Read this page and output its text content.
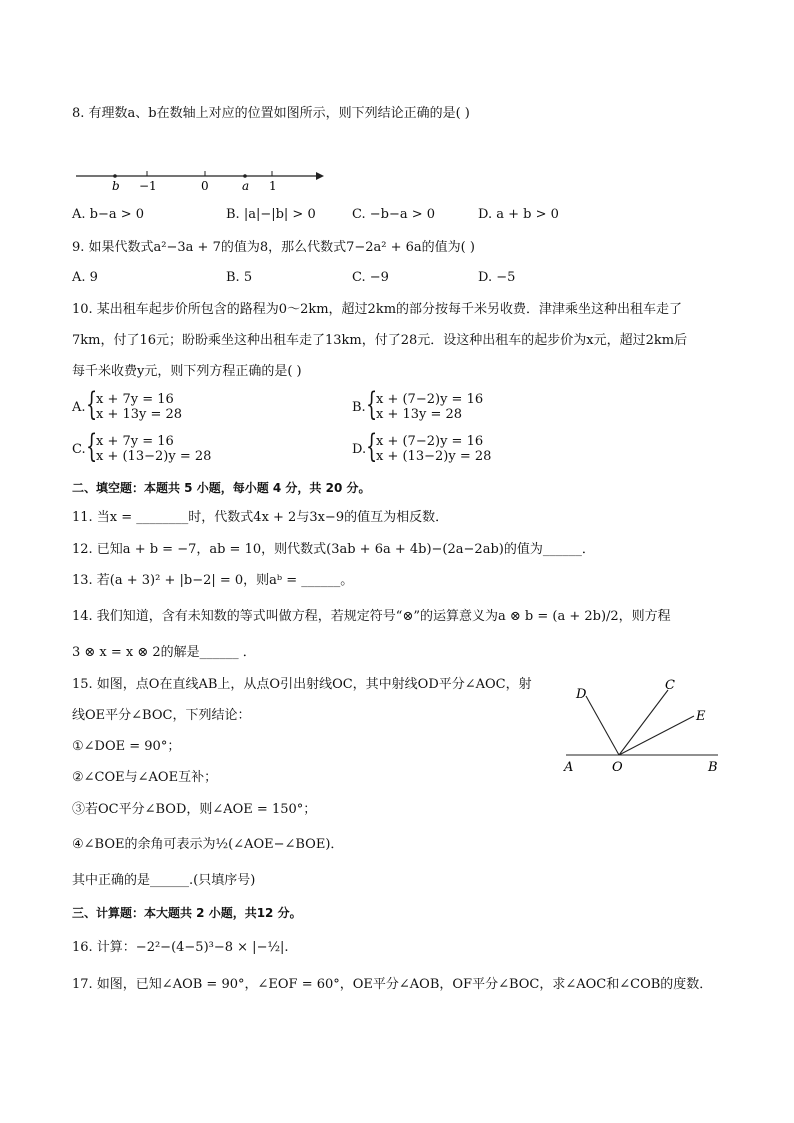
8. 有理数a、b在数轴上对应的位置如图所示，则下列结论正确的是( )
b −1	0	a 1
A. b−a > 0	B. |a|−|b| > 0	C. −b−a > 0	D. a + b > 0
9. 如果代数式a²−3a + 7的值为8，那么代数式7−2a² + 6a的值为( )
A. 9	B. 5	C. −9	D. −5
10. 某出租车起步价所包含的路程为0～2km，超过2km的部分按每千米另收费．津津乘坐这种出租车走了
7km，付了16元；盼盼乘坐这种出租车走了13km，付了28元．设这种出租车的起步价为x元，超过2km后
每千米收费y元，则下列方程正确的是( )
A. {
x + 7y = 16
x + 13y = 28	B. {
x + (7−2)y = 16
x + 13y = 28
C. {
x + 7y = 16
x + (13−2)y = 28	D. {
x + (7−2)y = 16
x + (13−2)y = 28
二、填空题：本题共 5 小题，每小题 4 分，共 20 分。
11. 当x = ________时，代数式4x + 2与3x−9的值互为相反数．
12. 已知a + b = −7，ab = 10，则代数式(3ab + 6a + 4b)−(2a−2ab)的值为______．
13. 若(a + 3)² + |b−2| = 0，则aᵇ = ______。
14. 我们知道，含有未知数的等式叫做方程，若规定符号“⊗”的运算意义为a ⊗ b = (a + 2b)/2，则方程
3 ⊗ x = x ⊗ 2的解是______ ．
15. 如图，点O在直线AB上，从点O引出射线OC，其中射线OD平分∠AOC，射
线OE平分∠BOC，下列结论：
①∠DOE = 90°；
②∠COE与∠AOE互补；
③若OC平分∠BOD，则∠AOE = 150°；
④∠BOE的余角可表示为½(∠AOE−∠BOE)．
其中正确的是______.(只填序号)
D
C
E
A	O	B
三、计算题：本大题共 2 小题，共12 分。
16. 计算：−2²−(4−5)³−8 × |−½|.
17. 如图，已知∠AOB = 90°，∠EOF = 60°，OE平分∠AOB，OF平分∠BOC，求∠AOC和∠COB的度数．
